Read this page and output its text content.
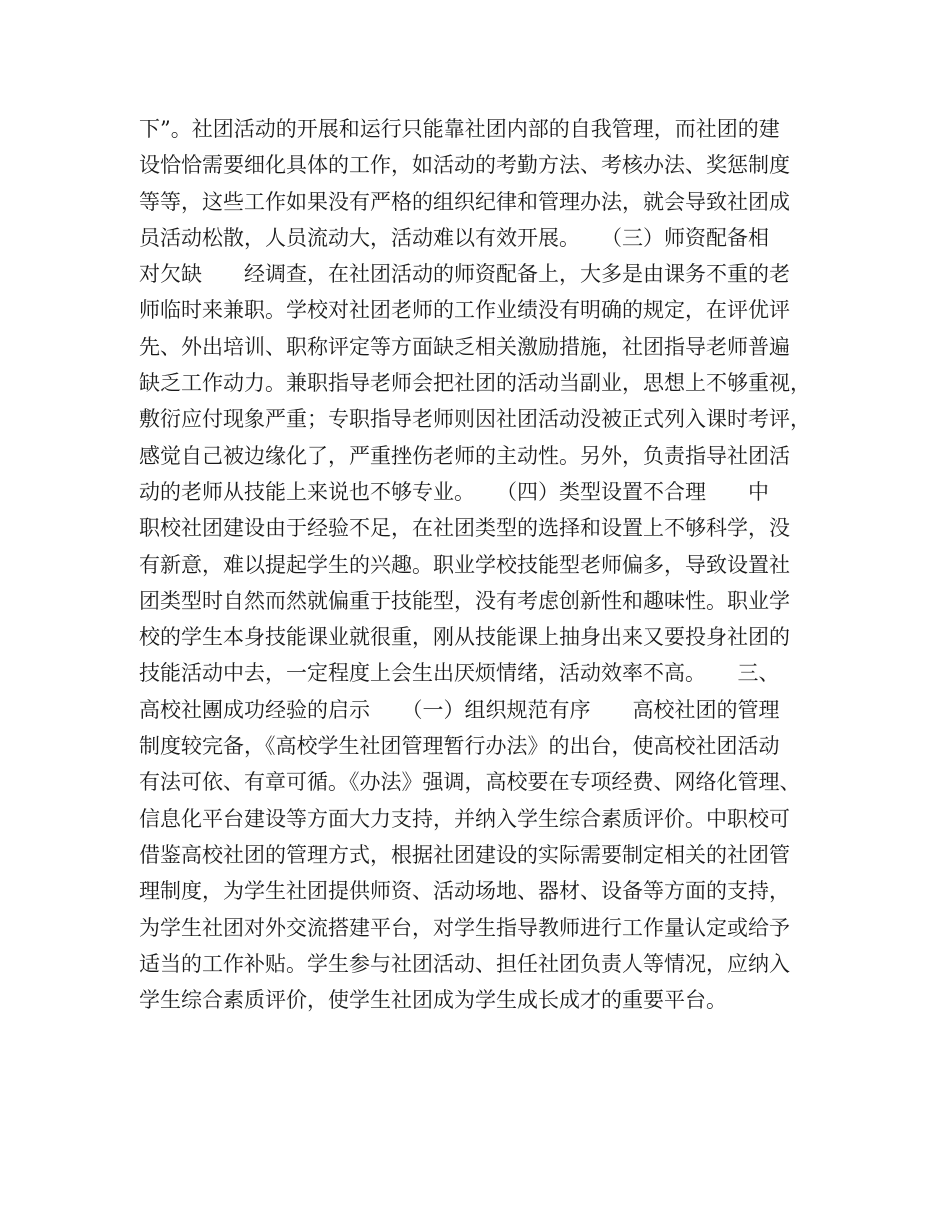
下”。社团活动的开展和运行只能靠社团内部的自我管理，而社团的建
设恰恰需要细化具体的工作，如活动的考勤方法、考核办法、奖惩制度
等等，这些工作如果没有严格的组织纪律和管理办法，就会导致社团成
员活动松散，人员流动大，活动难以有效开展。　　（三）师资配备相
对欠缺　　经调查，在社团活动的师资配备上，大多是由课务不重的老
师临时来兼职。学校对社团老师的工作业绩没有明确的规定，在评优评
先、外出培训、职称评定等方面缺乏相关激励措施，社团指导老师普遍
缺乏工作动力。兼职指导老师会把社团的活动当副业，思想上不够重视，
敷衍应付现象严重；专职指导老师则因社团活动没被正式列入课时考评，
感觉自己被边缘化了，严重挫伤老师的主动性。另外，负责指导社团活
动的老师从技能上来说也不够专业。　　（四）类型设置不合理　　中
职校社团建设由于经验不足，在社团类型的选择和设置上不够科学，没
有新意，难以提起学生的兴趣。职业学校技能型老师偏多，导致设置社
团类型时自然而然就偏重于技能型，没有考虑创新性和趣味性。职业学
校的学生本身技能课业就很重，刚从技能课上抽身出来又要投身社团的
技能活动中去，一定程度上会生出厌烦情绪，活动效率不高。　　三、
高校社團成功经验的启示　　（一）组织规范有序　　高校社团的管理
制度较完备，《高校学生社团管理暂行办法》的出台，使高校社团活动
有法可依、有章可循。《办法》强调，高校要在专项经费、网络化管理、
信息化平台建设等方面大力支持，并纳入学生综合素质评价。中职校可
借鉴高校社团的管理方式，根据社团建设的实际需要制定相关的社团管
理制度，为学生社团提供师资、活动场地、器材、设备等方面的支持，
为学生社团对外交流搭建平台，对学生指导教师进行工作量认定或给予
适当的工作补贴。学生参与社团活动、担任社团负责人等情况，应纳入
学生综合素质评价，使学生社团成为学生成长成才的重要平台。
